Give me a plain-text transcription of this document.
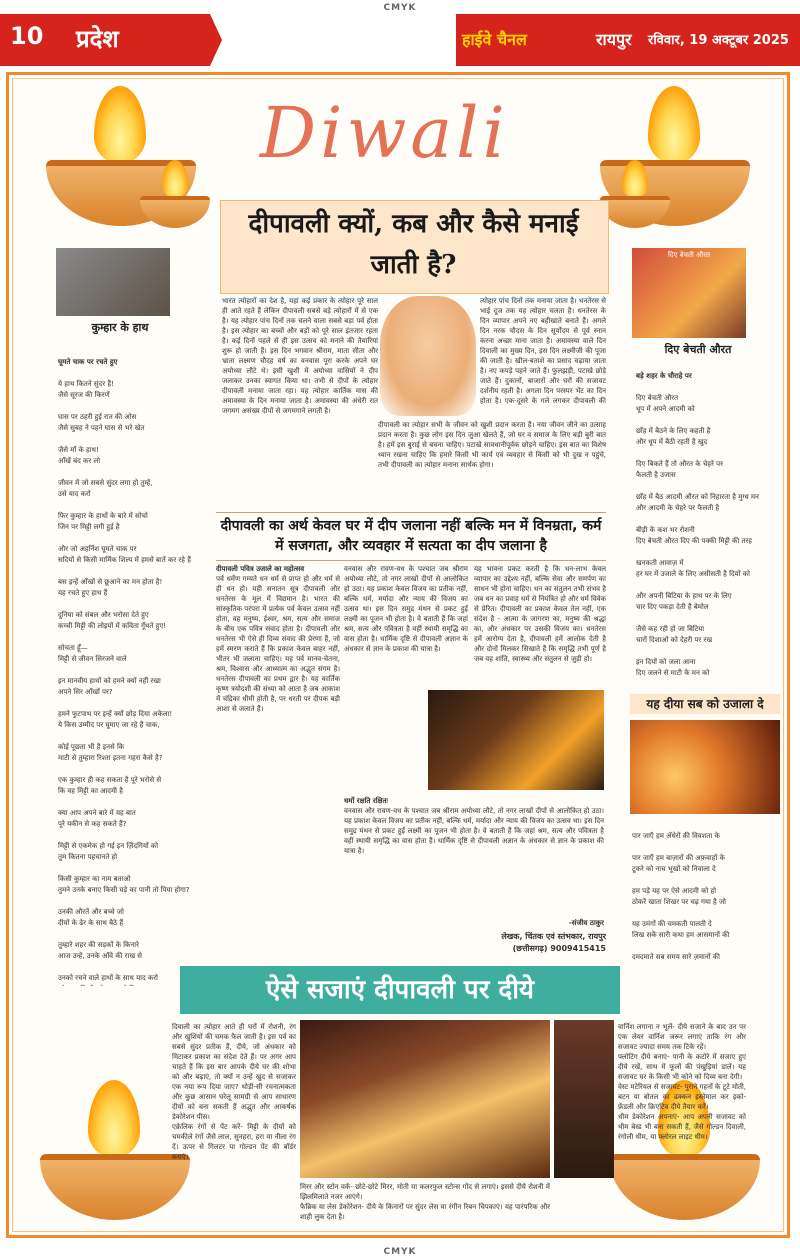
CMYK
10 प्रदेश	हाईवे चैनल	रायपुर रविवार, 19 अक्टूबर 2025
Diwali
दीपावली क्यों, कब और कैसे मनाई जाती है?
कुम्हार के हाथ

घूमते चाक पर रचते हुए

ये हाथ कितने सुंदर हैं!
जैसे सूरज की किरणें

घास पर ठहरी हुई रात की ओस
जैसे सुबह ने पहने घास से भरे खेत

जैसे माँ के हाथ!
आँखें बंद कर लो

जीवन में जो सबसे सुंदर लगा हो तुम्हें,
उसे याद करो

फिर कुम्हार के हाथों के बारे में सोचो
जिन पर मिट्टी लगी हुई है

और जो अहर्निश घूमते चाक पर
सदियों से किसी मार्मिक शिल्प में हमसे बातें कर रहे हैं

बस इन्हें आँखों से छूआने का मन होता है!
यह रचते हुए हाथ हैं

दुनिया को संबल और भरोसा देते हुए
कच्ची मिट्टी की लोइयों में कविता गूँथते हुए!

सोचता हूँ—
मिट्टी से जीवन सिरजने वाले

इन मानवीय हाथों को हमने क्यों नहीं रखा
अपने सिर आँखों पर?

हमने फुटपाथ पर इन्हें क्यों छोड़ दिया अकेला!
ये किस उम्मीद पर घूमाए जा रहे हैं चाक,

कोई पूछता भी है इनसे कि
माटी से तुम्हारा रिश्ता इतना गहरा कैसे है?

एक कुम्हार ही कह सकता है पूरे भरोसे से
कि वह मिट्टी का आदमी है

क्या आप अपने बारे में यह बात
पूरे यकीन से कह सकते हैं?

मिट्टी से एकमेक हो गई इन ज़िंदगियों को
तुम कितना पहचानते हो

किसी कुम्हार का नाम बताओ
तुमने उनके बनाए किसी घड़े का पानी तो पिया होगा?

उनकी औरतें और बच्चे जो
दीयों के ढेर के साथ बैठे हैं

तुम्हारे शहर की सड़कों के किनारे
आज उन्हें, उनके आँवे की राख से

उनको रचने वाले हाथों के साथ याद करो

दिए बेचती औरत
दिए बेचती औरत

बड़े शहर के चौराहे पर

दिए बेचती औरत
धूप में अपने आदमी को

छाँह में बैठने के लिए कहती है
और धूप में बैठी रहती है खुद

दिए बिकते हैं तो औरत के चेहरे पर
फैलती है उजास

छाँह में बैठ आदमी औरत को निहारता है मुग्ध मन
और आदमी के चेहरे पर फैलती है

बीड़ी के कश भर रोशनी
दिए बेचती औरत दिए की पक्की मिट्टी की तरह

खनकती आवाज़ में
हर घर में उजाले के लिए असीसती है दियों को

और अपनी बिटिया के हाथ पर के लिए
चार दिए पकड़ा देती है बेमोल

जैसे कह रही हो जा बिटिया
चारों दिशाओं को देहरी पर रख

इन दियों को जला आना
दिए जलने से माटी के मन को

यह दीया सब को उजाला दे

पार जाएँ हम अँधेरों की विवशता के

पार जाएँ हम बाज़ारों की अफ़वाहों के
टूकरे को नाच भूखों को निवाला दे

हम पड़े यह पर ऐसे आदमी को हो
ठोकरें खाता शिखर पर चढ़ गया है जो

यह उमंगों की चमकती पालती दे
लिख सकें सारी कथा हम आसमानों की

दमदमाते सब समय सारे ज़मानों की

भारत त्योहारों का देश है, यहां कई प्रकार के त्योहार पूरे साल ही आते रहते हैं लेकिन दीपावली सबसे बड़े त्योहारों में से एक है। यह त्योहार पांच दिनों तक चलने वाला सबसे बड़ा पर्व होता है। इस त्योहार का बच्चों और बड़ों को पूरे साल इंतजार रहता है। कई दिनों पहले से ही इस उत्सव को मनाने की तैयारियां शुरू हो जाती हैं। इस दिन भगवान श्रीराम, माता सीता और भ्राता लक्ष्मण चौदह वर्ष का वनवास पूरा करके अपने घर अयोध्या लौटे थे। इसी खुशी में अयोध्या वासियों ने दीप जलाकर उनका स्वागत किया था। तभी से दीपों के त्योहार दीपावली मनाया जाता रहा। यह त्योहार कार्तिक मास की अमावस्या के दिन मनाया जाता है। अमावस्या की अंधेरी रात जगमग असंख्य दीपों से जगमगाने लगती है।
त्योहार पांच दिनों तक मनाया जाता है। धनतेरस से भाई दूज तक यह त्योहार चलता है। धनतेरस के दिन व्यापार अपने नए बहीखाते बनाते हैं। अगले दिन नरक चौदस के दिन सूर्योदय से पूर्व स्नान करना अच्छा माना जाता है। अमावस्या वाले दिन दिवाली का मुख्य दिन, इस दिन लक्ष्मीजी की पूजा की जाती है। खील-बताशे का प्रसाद चढ़ाया जाता है। नए कपड़े पहने जाते हैं। फुलझड़ी, पटाखे छोड़े जाते हैं। दुकानों, बाजारों और घरों की सजावट दर्शनीय रहती है। अगला दिन परस्पर भेंट का दिन होता है। एक-दूसरे के गले लगकर दीपावली की
दीपावली का त्योहार सभी के जीवन को खुशी प्रदान करता है। नया जीवन जीने का उत्साह प्रदान करता है। कुछ लोग इस दिन जुआ खेलते हैं, जो घर व समाज के लिए बड़ी बुरी बात है। हमें इस बुराई से बचना चाहिए। पटाखे सावधानीपूर्वक छोड़ने चाहिए। इस बात का विशेष ध्यान रखना चाहिए कि हमारे किसी भी कार्य एवं व्यवहार से किसी को भी दुख न पहुंचे, तभी दीपावली का त्योहार मनाना सार्थक होगा।
दीपावली का अर्थ केवल घर में दीप जलाना नहीं बल्कि मन में विनम्रता, कर्म में सजगता, और व्यवहार में सत्यता का दीप जलाना है
दीपावली पवित्र उजाले का महोत्सव
पर्व धर्मेण गम्यते धन धर्म से प्राप्त हो और धर्म से ही धन हो। यही सनातन सूत्र दीपावली और धनतेरस के मूल में विद्यमान है। भारत की सांस्कृतिक परंपरा में प्रत्येक पर्व केवल उत्सव नहीं होता, वह मनुष्य, ईश्वर, श्रम, सत्य और समाज के बीच एक पवित्र संवाद होता है। दीपावली और धनतेरस भी ऐसे ही दिव्य संवाद की प्रेरणा हैं, जो हमें स्मरण कराते हैं कि प्रकाश केवल बाहर नहीं, भीतर भी जलाना चाहिए। यह पर्व मानव-चेतना, श्रम, विश्वास और आध्यात्म का अद्भुत संगम है। धनतेरस दीपावली का प्रथम द्वार है। यह कार्तिक कृष्ण त्रयोदशी की संध्या को आता है जब आकाश में चंद्रिका धीमी होती है, पर धरती पर दीपक बड़ी आशा से जलाते हैं।
वनवास और रावण-वध के पश्चात जब श्रीराम अयोध्या लौटे, तो नगर लाखों दीपों से आलोकित हो उठा। यह प्रकाश केवल विजय का प्रतीक नहीं, बल्कि धर्म, मर्यादा और न्याय की विजय का उत्सव था। इस दिन समुद्र मंथन से प्रकट हुईं लक्ष्मी का पूजन भी होता है। वे बताती हैं कि जहां श्रम, सत्य और पवित्रता है वहीं स्थायी समृद्धि का वास होता है। धार्मिक दृष्टि से दीपावली अज्ञान के अंधकार से ज्ञान के प्रकाश की यात्रा है।
यह भावना प्रकट करती है कि धन-लाभ केवल व्यापार का उद्देश्य नहीं, बल्कि सेवा और समर्पण का साधन भी होना चाहिए। धन का संतुलन तभी संभव है जब धन का प्रवाह धर्म से नियंत्रित हो और धर्म विवेक से प्रेरित। दीपावली का प्रकाश केवल तेल नहीं, एक संदेश है - आत्मा के जागरण का, मनुष्य की श्रद्धा का, और अंधकार पर उसकी विजय का। धनतेरस हमें आरोग्य देता है, दीपावली हमें आलोक देती है और दोनों मिलकर सिखाते हैं कि समृद्धि तभी पूर्ण है जब वह शांति, स्वास्थ्य और संतुलन से जुड़ी हो।
धर्मो रक्षति रक्षितः
वनवास और रावण-वध के पश्चात जब श्रीराम अयोध्या लौटे, तो नगर लाखों दीपों से आलोकित हो उठा। यह प्रकाश केवल विजय का प्रतीक नहीं, बल्कि धर्म, मर्यादा और न्याय की विजय का उत्सव था। इस दिन समुद्र मंथन से प्रकट हुईं लक्ष्मी का पूजन भी होता है। वे बताती हैं कि जहां श्रम, सत्य और पवित्रता है वहीं स्थायी समृद्धि का वास होता है। धार्मिक दृष्टि से दीपावली अज्ञान के अंधकार से ज्ञान के प्रकाश की यात्रा है।
-संजीव ठाकुर
लेखक, चिंतक एवं स्तंभकार, रायपुर
(छत्तीसगढ़) 9009415415
ऐसे सजाएं दीपावली पर दीये
दिवाली का त्योहार आते ही घरों में रोशनी, रंग और खुशियों की चमक फैल जाती है। इस पर्व का सबसे सुंदर प्रतीक हैं, दीये, जो अंधकार को मिटाकर प्रकाश का संदेश देते हैं। पर अगर आप चाहते हैं कि इस बार आपके दीये घर की शोभा को और बढ़ाएं, तो क्यों न उन्हें खुद से सजाकर एक नया रूप दिया जाए? थोड़ी-सी रचनात्मकता और कुछ आसान घरेलू सामग्री से आप साधारण दीयों को बना सकती हैं अद्भुत और आकर्षक डेकोरेशन पीस।
एक्रेलिक रंगों से पेंट करें- मिट्टी के दीयों को चमकीले रंगों जैसे लाल, सुनहरा, हरा या नीला रंग दें। ऊपर से गिलटर या गोल्डन पेंट की बॉर्डर बनाएं।
मिरर और स्टोन वर्क- छोटे-छोटे मिरर, मोती या कलरफुल स्टोन्स गोंद से लगाएं। इससे दीये रोशनी में झिलमिलाते नजर आएंगे।
फैब्रिक या लेस डेकोरेशन- दीये के किनारों पर सुंदर लेस या रंगीन रिबन चिपकाएं। यह पारंपरिक और शाही लुक देता है।
वार्निश लगाना न भूलें- दीये सजाने के बाद उन पर एक लेयर वार्निश जरूर लगाएं ताकि रंग और सजावट ज्यादा समय तक टिके रहें।
फ्लोटिंग दीये बनाएं- पानी के कटोरे में सजाए हुए दीये रखें, साथ में फूलों की पंखुड़ियां डालें। यह सजावट घर के किसी भी कोने को दिव्य बना देगी।
वेस्ट मटेरियल से सजावट- पुराने गहनों के टूटे मोती, बटन या बोतल का ढक्कन इस्तेमाल कर इको-फ्रेंडली और क्रिएटिव दीये तैयार करें।
थीम डेकोरेशन अपनाएं- आप अपनी सजावट को थीम बेस्ड भी बना सकती हैं, जैसे गोल्डन दिवाली, रंगोली थीम, या फ्लोरल लाइट थीम।
CMYK
